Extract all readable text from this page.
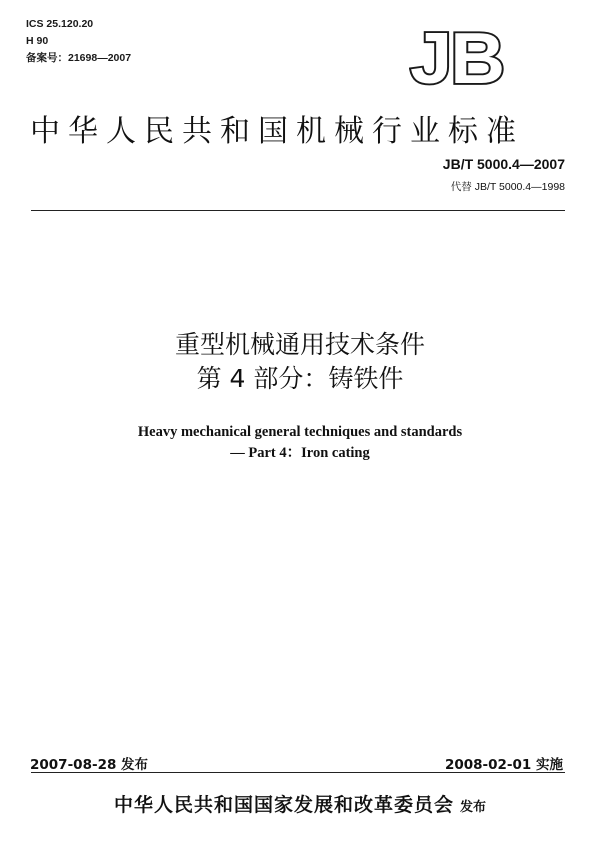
ICS 25.120.20
H 90
备案号：21698—2007	JB
中华人民共和国机械行业标准
JB/T 5000.4—2007
代替 JB/T 5000.4—1998
重型机械通用技术条件
第 4 部分：铸铁件
Heavy mechanical general techniques and standards
— Part 4：Iron cating
2007-08-28 发布	2008-02-01 实施
中华人民共和国国家发展和改革委员会 发布
